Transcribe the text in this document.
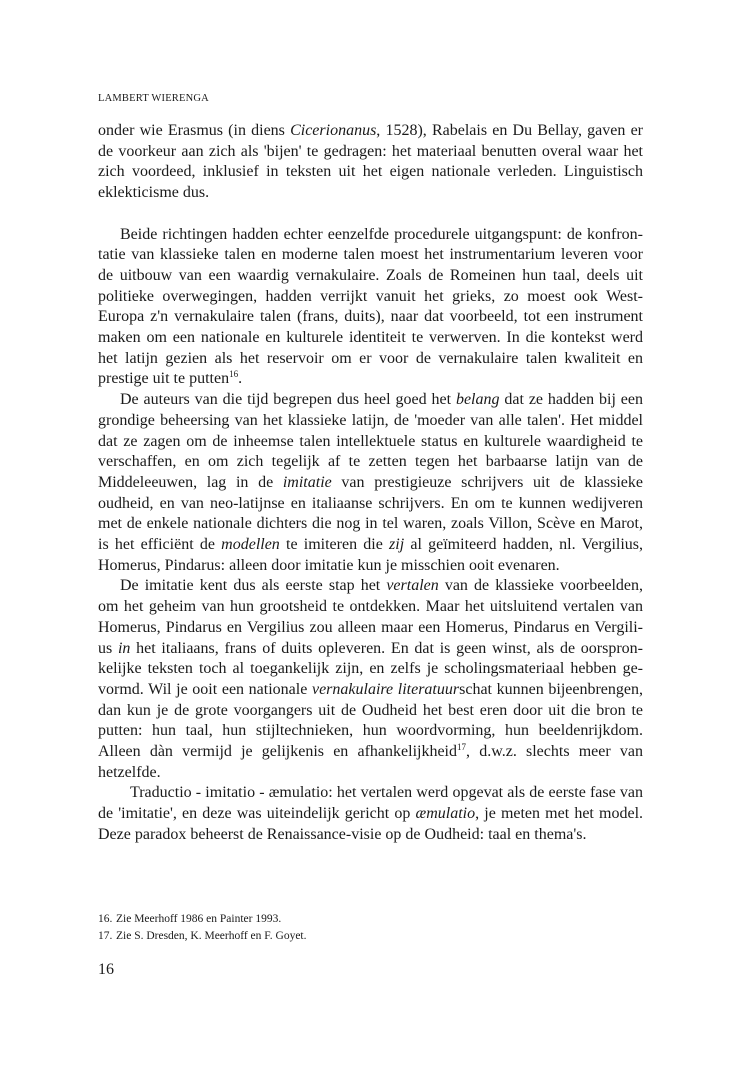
LAMBERT WIERENGA
onder wie Erasmus (in diens Cicerionanus, 1528), Rabelais en Du Bellay, gaven er
de voorkeur aan zich als 'bijen' te gedragen: het materiaal benutten overal waar het
zich voordeed, inklusief in teksten uit het eigen nationale verleden. Linguistisch
eklekticisme dus.
Beide richtingen hadden echter eenzelfde procedurele uitgangspunt: de konfron-
tatie van klassieke talen en moderne talen moest het instrumentarium leveren voor
de uitbouw van een waardig vernakulaire. Zoals de Romeinen hun taal, deels uit
politieke overwegingen, hadden verrijkt vanuit het grieks, zo moest ook West-
Europa z'n vernakulaire talen (frans, duits), naar dat voorbeeld, tot een instrument
maken om een nationale en kulturele identiteit te verwerven. In die kontekst werd
het latijn gezien als het reservoir om er voor de vernakulaire talen kwaliteit en
prestige uit te putten$^{16}$.
De auteurs van die tijd begrepen dus heel goed het belang dat ze hadden bij een
grondige beheersing van het klassieke latijn, de 'moeder van alle talen'. Het middel
dat ze zagen om de inheemse talen intellektuele status en kulturele waardigheid te
verschaffen, en om zich tegelijk af te zetten tegen het barbaarse latijn van de
Middeleeuwen, lag in de imitatie van prestigieuze schrijvers uit de klassieke
oudheid, en van neo-latijnse en italiaanse schrijvers. En om te kunnen wedijveren
met de enkele nationale dichters die nog in tel waren, zoals Villon, Scève en Marot,
is het efficiënt de modellen te imiteren die zij al geïmiteerd hadden, nl. Vergilius,
Homerus, Pindarus: alleen door imitatie kun je misschien ooit evenaren.
De imitatie kent dus als eerste stap het vertalen van de klassieke voorbeelden,
om het geheim van hun grootsheid te ontdekken. Maar het uitsluitend vertalen van
Homerus, Pindarus en Vergilius zou alleen maar een Homerus, Pindarus en Vergili-
us in het italiaans, frans of duits opleveren. En dat is geen winst, als de oorspron-
kelijke teksten toch al toegankelijk zijn, en zelfs je scholingsmateriaal hebben ge-
vormd. Wil je ooit een nationale vernakulaire literatuurschat kunnen bijeenbrengen,
dan kun je de grote voorgangers uit de Oudheid het best eren door uit die bron te
putten: hun taal, hun stijltechnieken, hun woordvorming, hun beeldenrijkdom.
Alleen dàn vermijd je gelijkenis en afhankelijkheid$^{17}$, d.w.z. slechts meer van
hetzelfde.
Traductio - imitatio - æmulatio: het vertalen werd opgevat als de eerste fase van
de 'imitatie', en deze was uiteindelijk gericht op æmulatio, je meten met het model.
Deze paradox beheerst de Renaissance-visie op de Oudheid: taal en thema's.
16. Zie Meerhoff 1986 en Painter 1993.
17. Zie S. Dresden, K. Meerhoff en F. Goyet.
16
